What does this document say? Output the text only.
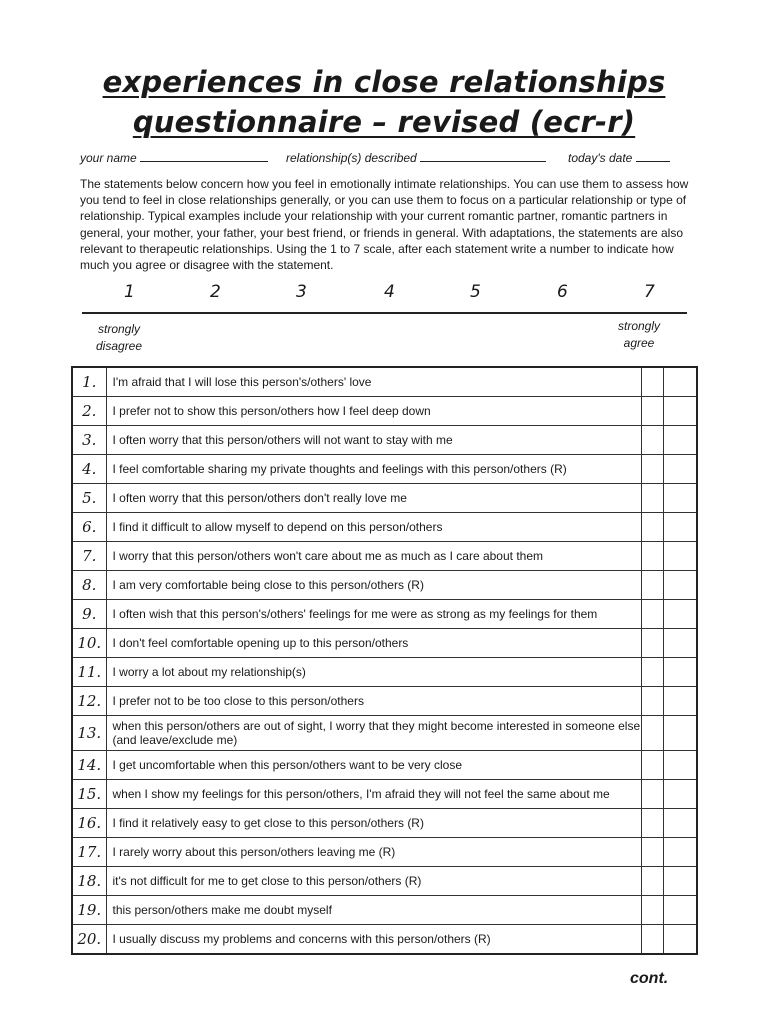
experiences in close relationships
questionnaire – revised (ecr-r)
your name	relationship(s) described	today's date
The statements below concern how you feel in emotionally intimate relationships. You can use them to assess how you tend to feel in close relationships generally, or you can use them to focus on a particular relationship or type of relationship. Typical examples include your relationship with your current romantic partner, romantic partners in general, your mother, your father, your best friend, or friends in general. With adaptations, the statements are also relevant to therapeutic relationships. Using the 1 to 7 scale, after each statement write a number to indicate how much you agree or disagree with the statement.
1	2	3	4	5	6	7
strongly
disagree
strongly
agree
1.	I'm afraid that I will lose this person's/others' love		
2.	I prefer not to show this person/others how I feel deep down		
3.	I often worry that this person/others will not want to stay with me		
4.	I feel comfortable sharing my private thoughts and feelings with this person/others (R)		
5.	I often worry that this person/others don't really love me		
6.	I find it difficult to allow myself to depend on this person/others		
7.	I worry that this person/others won't care about me as much as I care about them		
8.	I am very comfortable being close to this person/others (R)		
9.	I often wish that this person's/others' feelings for me were as strong as my feelings for them		
10.	I don't feel comfortable opening up to this person/others		
11.	I worry a lot about my relationship(s)		
12.	I prefer not to be too close to this person/others		
13.	when this person/others are out of sight, I worry that they might become interested in someone else (and leave/exclude me)		
14.	I get uncomfortable when this person/others want to be very close		
15.	when I show my feelings for this person/others, I'm afraid they will not feel the same about me		
16.	I find it relatively easy to get close to this person/others (R)		
17.	I rarely worry about this person/others leaving me (R)		
18.	it's not difficult for me to get close to this person/others (R)		
19.	this person/others make me doubt myself		
20.	I usually discuss my problems and concerns with this person/others (R)		
cont.
